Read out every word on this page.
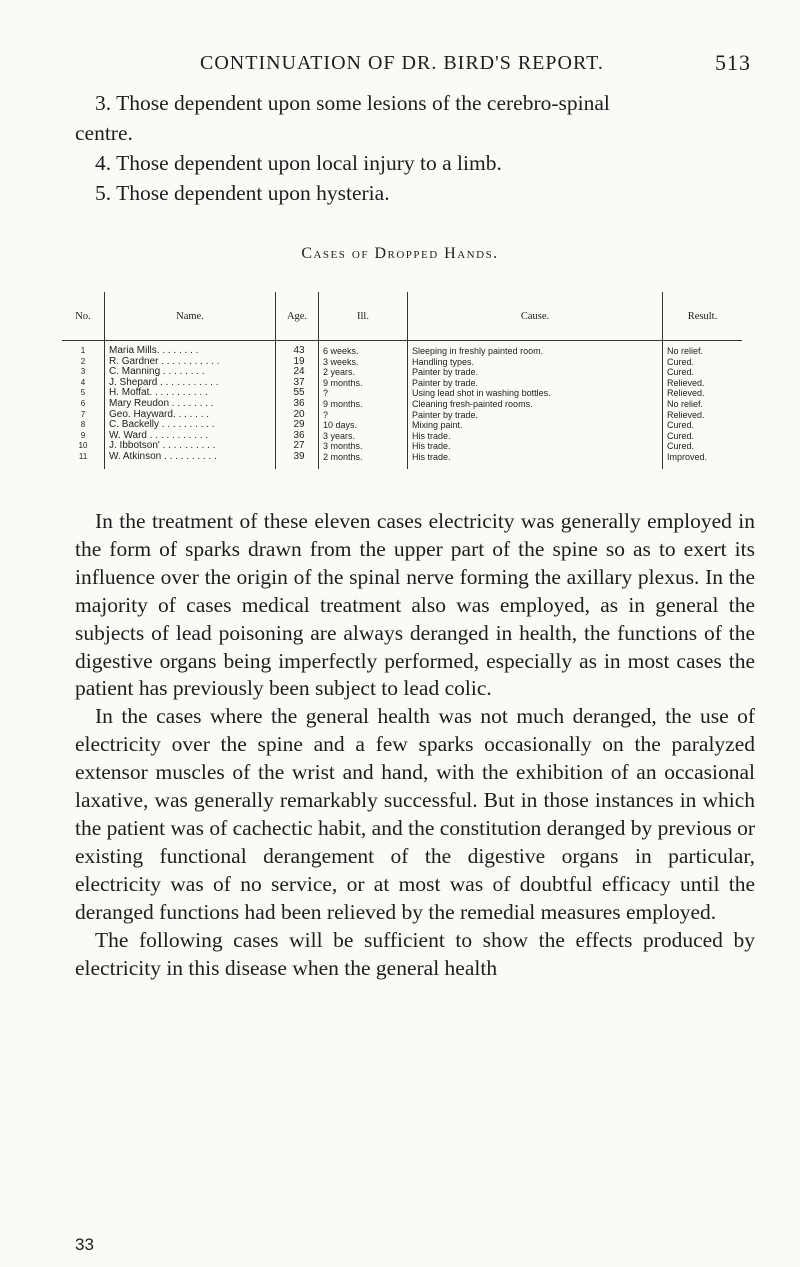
CONTINUATION OF DR. BIRD'S REPORT.	513
3. Those dependent upon some lesions of the cerebro-spinal
centre.
4. Those dependent upon local injury to a limb.
5. Those dependent upon hysteria.
Cases of Dropped Hands.
No.	Name.	Age.	Ill.	Cause.	Result.
1	Maria Mills. . . . . . . .	43	6 weeks.	Sleeping in freshly painted room.	No relief.
2	R. Gardner . . . . . . . . . . .	19	3 weeks.	Handling types.	Cured.
3	C. Manning . . . . . . . .	24	2 years.	Painter by trade.	Cured.
4	J. Shepard . . . . . . . . . . .	37	9 months.	Painter by trade.	Relieved.
5	H. Moffat. . . . . . . . . . .	55	?	Using lead shot in washing bottles.	Relieved.
6	Mary Reudon . . . . . . . .	36	9 months.	Cleaning fresh-painted rooms.	No relief.
7	Geo. Hayward. . . . . . .	20	?	Painter by trade.	Relieved.
8	C. Backelly . . . . . . . . . .	29	10 days.	Mixing paint.	Cured.
9	W. Ward . . . . . . . . . . .	36	3 years.	His trade.	Cured.
10	J. Ibbotson' . . . . . . . . . .	27	3 months.	His trade.	Cured.
11	W. Atkinson . . . . . . . . . .	39	2 months.	His trade.	Improved.

In the treatment of these eleven cases electricity was generally employed in the form of sparks drawn from the upper part of the spine so as to exert its influence over the origin of the spinal nerve forming the axillary plexus. In the majority of cases medical treatment also was employed, as in general the subjects of lead poisoning are always deranged in health, the functions of the digestive organs being imperfectly performed, especially as in most cases the patient has previously been subject to lead colic.

In the cases where the general health was not much deranged, the use of electricity over the spine and a few sparks occasionally on the paralyzed extensor muscles of the wrist and hand, with the exhibition of an occasional laxative, was generally remarkably successful. But in those instances in which the patient was of cachectic habit, and the constitution deranged by previous or existing functional derangement of the digestive organs in particular, electricity was of no service, or at most was of doubtful efficacy until the deranged functions had been relieved by the remedial measures employed.

The following cases will be sufficient to show the effects produced by electricity in this disease when the general health

33
